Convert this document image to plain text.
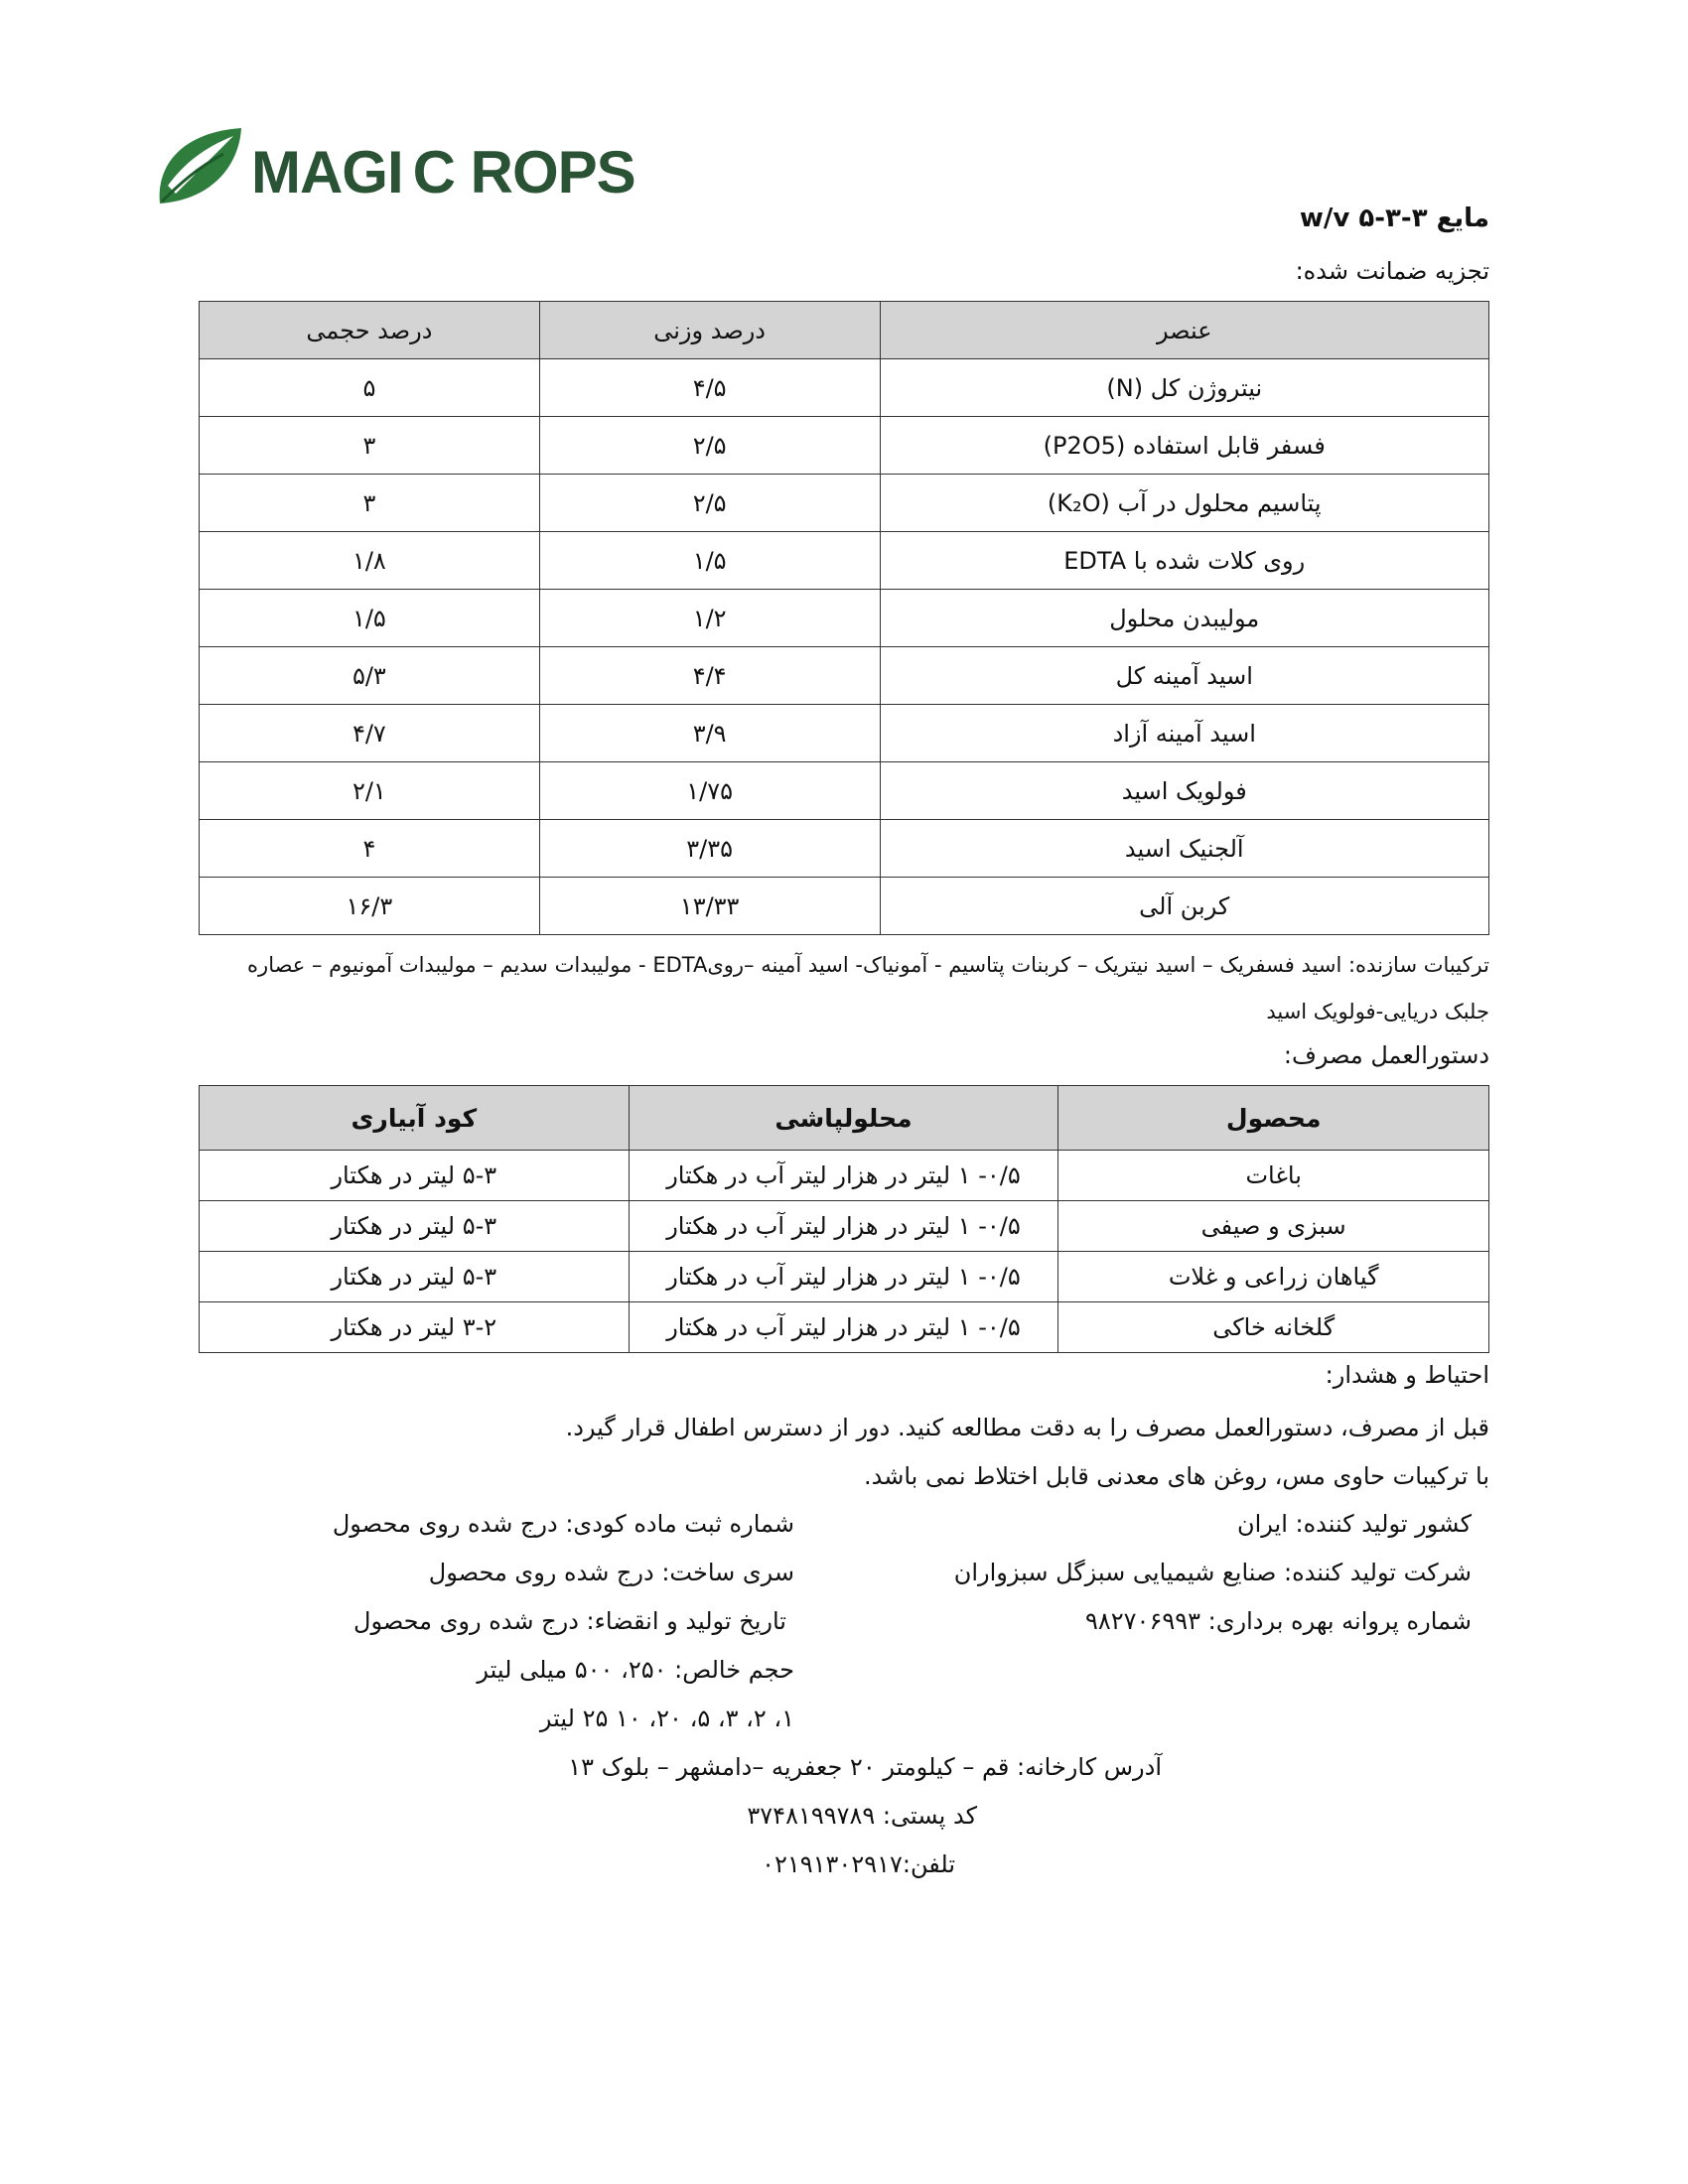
MAGI C ROPS
مایع ۳-۳-۵ w/v
تجزیه ضمانت شده:
عنصر	درصد وزنی	درصد حجمی
نیتروژن کل (N)	۴/۵	۵
فسفر قابل استفاده (P2O5)	۲/۵	۳
پتاسیم محلول در آب (K₂O)	۲/۵	۳
روی کلات شده با EDTA	۱/۵	۱/۸
مولیبدن محلول	۱/۲	۱/۵
اسید آمینه کل	۴/۴	۵/۳
اسید آمینه آزاد	۳/۹	۴/۷
فولویک اسید	۱/۷۵	۲/۱
آلجنیک اسید	۳/۳۵	۴
کربن آلی	۱۳/۳۳	۱۶/۳
ترکیبات سازنده: اسید فسفریک – اسید نیتریک – کربنات پتاسیم - آمونیاک- اسید آمینه –رویEDTA - مولیبدات سدیم – مولیبدات آمونیوم – عصاره جلبک دریایی-فولویک اسید
دستورالعمل مصرف:
محصول	محلولپاشی	کود آبیاری
باغات	۰/۵- ۱ لیتر در هزار لیتر آب در هکتار	۵-۳ لیتر در هکتار
سبزی و صیفی	۰/۵- ۱ لیتر در هزار لیتر آب در هکتار	۵-۳ لیتر در هکتار
گیاهان زراعی و غلات	۰/۵- ۱ لیتر در هزار لیتر آب در هکتار	۵-۳ لیتر در هکتار
گلخانه خاکی	۰/۵- ۱ لیتر در هزار لیتر آب در هکتار	۳-۲ لیتر در هکتار
احتیاط و هشدار:
قبل از مصرف، دستورالعمل مصرف را به دقت مطالعه کنید. دور از دسترس اطفال قرار گیرد.
با ترکیبات حاوی مس، روغن های معدنی قابل اختلاط نمی باشد.
کشور تولید کننده: ایران
شرکت تولید کننده: صنایع شیمیایی سبزگل سبزواران
شماره پروانه بهره برداری: ۹۸۲۷۰۶۹۹۳
شماره ثبت ماده کودی: درج شده روی محصول
سری ساخت: درج شده روی محصول
تاریخ تولید و انقضاء: درج شده روی محصول
حجم خالص: ۲۵۰، ۵۰۰ میلی لیتر
۱، ۲، ۳، ۵، ۲۰، ۱۰ ۲۵ لیتر
آدرس کارخانه: قم – کیلومتر ۲۰ جعفریه –دامشهر – بلوک ۱۳
کد پستی: ۳۷۴۸۱۹۹۷۸۹
تلفن:۰۲۱۹۱۳۰۲۹۱۷
